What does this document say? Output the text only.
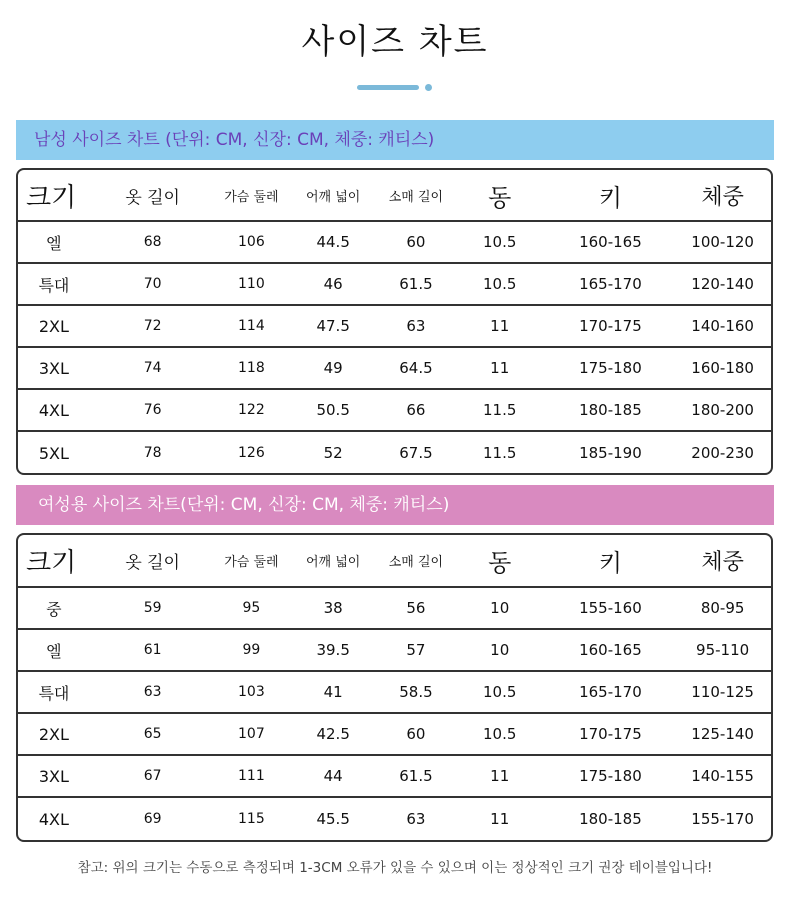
사이즈 차트
남성 사이즈 차트 (단위: CM, 신장: CM, 체중: 캐티스)
크기	옷 길이	가슴 둘레	어깨 넓이	소매 길이	동	키	체중
엘	68	106	44.5	60	10.5	160-165	100-120
특대	70	110	46	61.5	10.5	165-170	120-140
2XL	72	114	47.5	63	11	170-175	140-160
3XL	74	118	49	64.5	11	175-180	160-180
4XL	76	122	50.5	66	11.5	180-185	180-200
5XL	78	126	52	67.5	11.5	185-190	200-230
여성용 사이즈 차트(단위: CM, 신장: CM, 체중: 캐티스)
크기	옷 길이	가슴 둘레	어깨 넓이	소매 길이	동	키	체중
중	59	95	38	56	10	155-160	80-95
엘	61	99	39.5	57	10	160-165	95-110
특대	63	103	41	58.5	10.5	165-170	110-125
2XL	65	107	42.5	60	10.5	170-175	125-140
3XL	67	111	44	61.5	11	175-180	140-155
4XL	69	115	45.5	63	11	180-185	155-170
참고: 위의 크기는 수동으로 측정되며 1-3CM 오류가 있을 수 있으며 이는 정상적인 크기 권장 테이블입니다!
